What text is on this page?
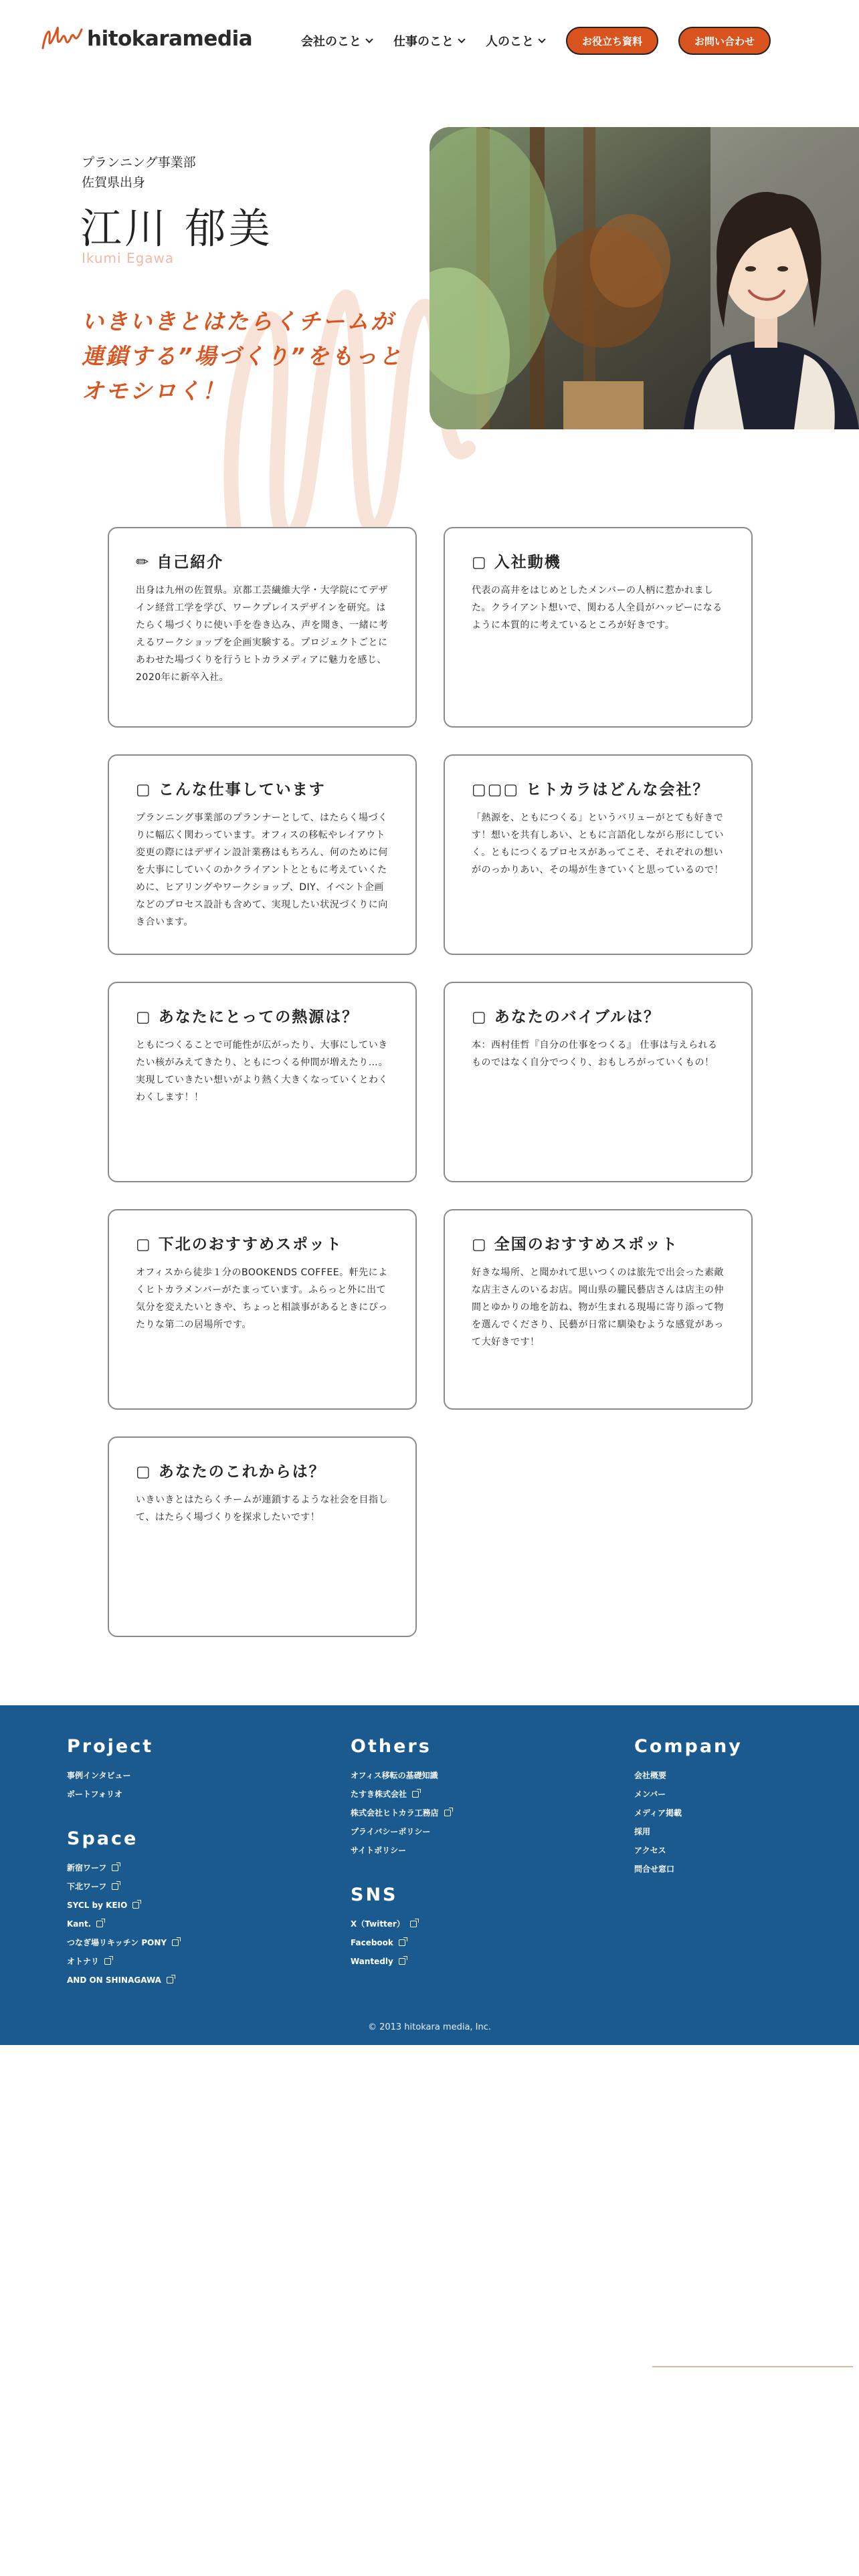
hitokaramedia	会社のこと	仕事のこと	人のこと	お役立ち資料	お問い合わせ
プランニング事業部
佐賀県出身
江川 郁美
Ikumi Egawa
いきいきとはたらくチームが
連鎖する”場づくり”をもっと
オモシロく！
✏ 自己紹介
出身は九州の佐賀県。京都工芸繊維大学・大学院にてデザイン経営工学を学び、ワークプレイスデザインを研究。はたらく場づくりに使い手を巻き込み、声を聞き、一緒に考えるワークショップを企画実験する。プロジェクトごとにあわせた場づくりを行うヒトカラメディアに魅力を感じ、2020年に新卒入社。
▢ 入社動機
代表の高井をはじめとしたメンバーの人柄に惹かれました。クライアント想いで、関わる人全員がハッピーになるように本質的に考えているところが好きです。
▢ こんな仕事しています
プランニング事業部のプランナーとして、はたらく場づくりに幅広く関わっています。オフィスの移転やレイアウト変更の際にはデザイン設計業務はもちろん、何のために何を大事にしていくのかクライアントとともに考えていくために、ヒアリングやワークショップ、DIY、イベント企画などのプロセス設計も含めて、実現したい状況づくりに向き合います。
▢▢▢ ヒトカラはどんな会社？
「熱源を、ともにつくる」というバリューがとても好きです！想いを共有しあい、ともに言語化しながら形にしていく。ともにつくるプロセスがあってこそ、それぞれの想いがのっかりあい、その場が生きていくと思っているので！
▢ あなたにとっての熱源は？
ともにつくることで可能性が広がったり、大事にしていきたい核がみえてきたり、ともにつくる仲間が増えたり…。実現していきたい想いがより熱く大きくなっていくとわくわくします！！
▢ あなたのバイブルは？
本：西村佳哲『自分の仕事をつくる』 仕事は与えられるものではなく自分でつくり、おもしろがっていくもの！
▢ 下北のおすすめスポット
オフィスから徒歩１分のBOOKENDS COFFEE。軒先によくヒトカラメンバーがたまっています。ふらっと外に出て気分を変えたいときや、ちょっと相談事があるときにぴったりな第二の居場所です。
▢ 全国のおすすめスポット
好きな場所、と聞かれて思いつくのは旅先で出会った素敵な店主さんのいるお店。岡山県の朧民藝店さんは店主の仲間とゆかりの地を訪ね、物が生まれる現場に寄り添って物を選んでくださり、民藝が日常に馴染むような感覚があって大好きです！
▢ あなたのこれからは？
いきいきとはたらくチームが連鎖するような社会を目指して、はたらく場づくりを探求したいです！
Project
事例インタビュー
ポートフォリオ
Space
新宿ワーフ
下北ワーフ
SYCL by KEIO
Kant.
つなぎ場リキッチン PONY
オトナリ
AND ON SHINAGAWA
Others
オフィス移転の基礎知識
たすき株式会社
株式会社ヒトカラ工務店
プライバシーポリシー
サイトポリシー
SNS
X（Twitter）
Facebook
Wantedly
Company
会社概要
メンバー
メディア掲載
採用
アクセス
問合せ窓口
© 2013 hitokara media, Inc.
